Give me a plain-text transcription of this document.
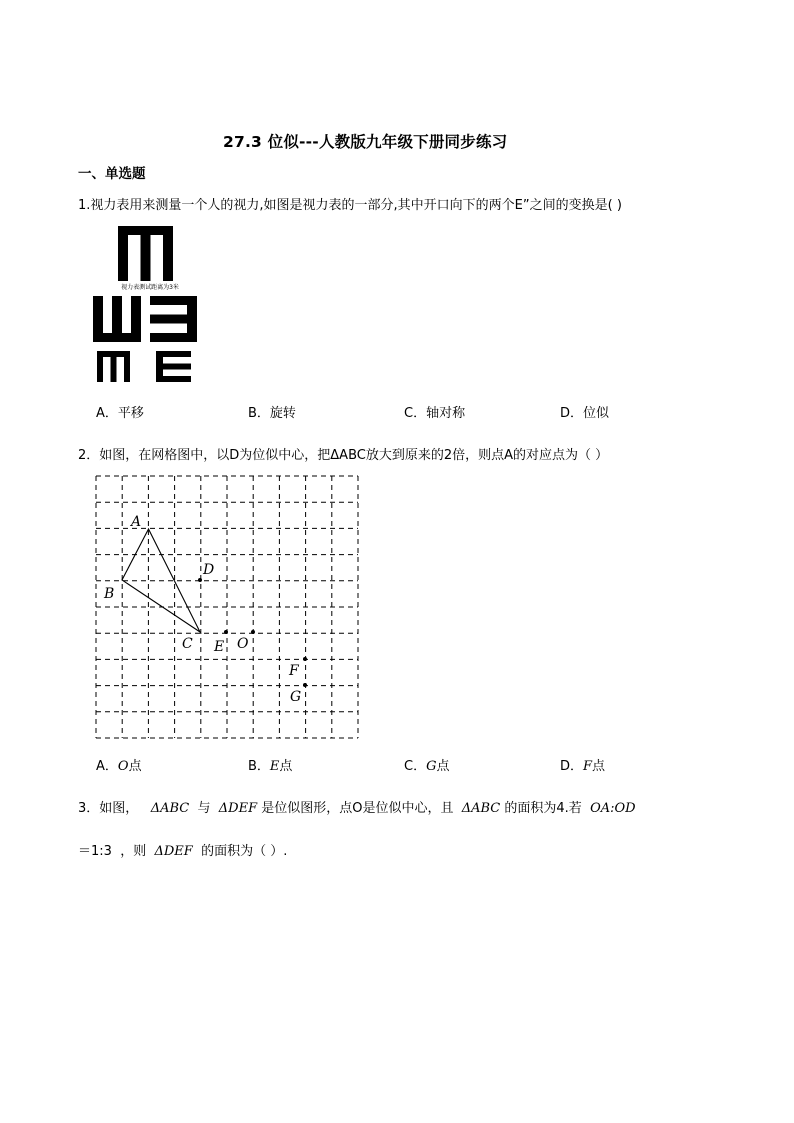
27.3 位似---人教版九年级下册同步练习
一、单选题
1.视力表用来测量一个人的视力,如图是视力表的一部分,其中开口向下的两个E”之间的变换是( )
视力表测试距离为3米
A．平移	B．旋转	C．轴对称	D．位似
2．如图，在网格图中，以D为位似中心，把ΔABC放大到原来的2倍，则点A的对应点为（ ）
A
B
C
D
E O
F
G
A．O点	B．E点	C．G点	D．F点
3．如图， ΔABC 与 ΔDEF 是位似图形，点O是位似中心，且 ΔABC 的面积为4.若 OA:OD
＝1:3 ，则 ΔDEF 的面积为（ ）.
